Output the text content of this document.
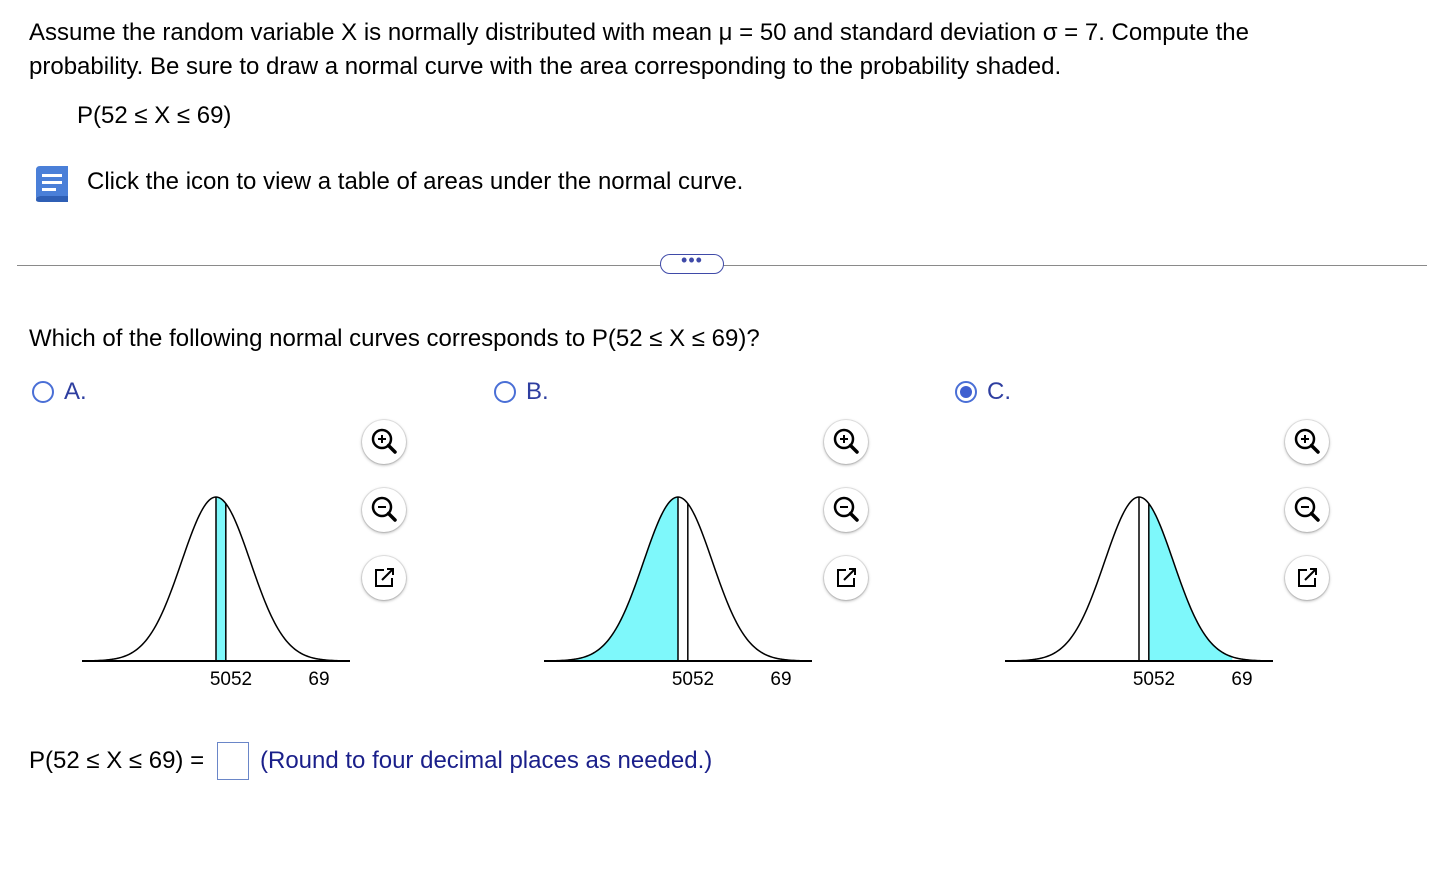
Assume the random variable X is normally distributed with mean μ = 50 and standard deviation σ = 7. Compute the
probability. Be sure to draw a normal curve with the area corresponding to the probability shaded.
P(52 ≤ X ≤ 69)
Click the icon to view a table of areas under the normal curve.
•••
Which of the following normal curves corresponds to P(52 ≤ X ≤ 69)?
A.	B.	C.
5052	69	5052	69	5052	69
P(52 ≤ X ≤ 69) = (Round to four decimal places as needed.)
